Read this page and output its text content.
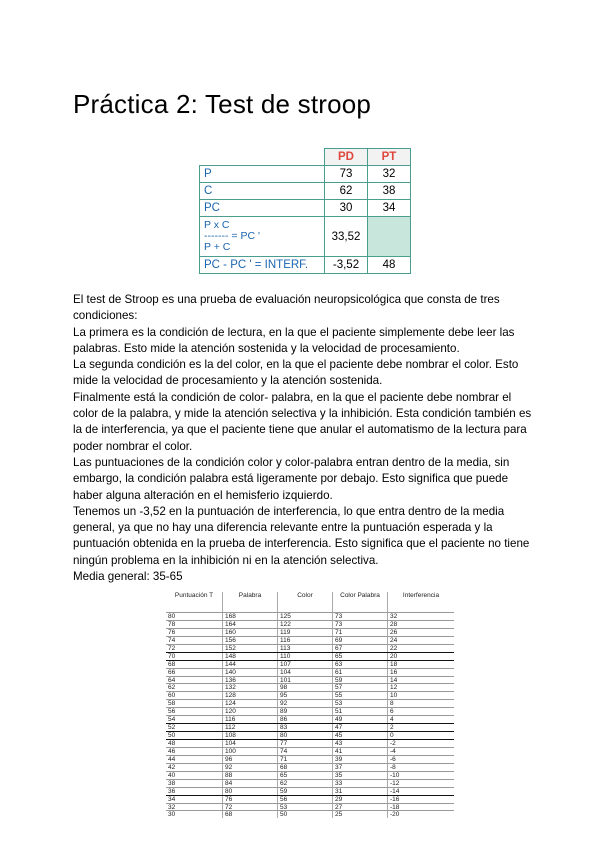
Práctica 2: Test de stroop
	PD	PT
P	73	32
C	62	38
PC	30	34

P x C
------- = PC '
P + C	33,52	
PC - PC ' = INTERF.	-3,52	48

El test de Stroop es una prueba de evaluación neuropsicológica que consta de tres condiciones:

La primera es la condición de lectura, en la que el paciente simplemente debe leer las palabras. Esto mide la atención sostenida y la velocidad de procesamiento.

La segunda condición es la del color, en la que el paciente debe nombrar el color. Esto mide la velocidad de procesamiento y la atención sostenida.

Finalmente está la condición de color- palabra, en la que el paciente debe nombrar el color de la palabra, y mide la atención selectiva y la inhibición. Esta condición también es la de interferencia, ya que el paciente tiene que anular el automatismo de la lectura para poder nombrar el color.

Las puntuaciones de la condición color y color-palabra entran dentro de la media, sin embargo, la condición palabra está ligeramente por debajo. Esto significa que puede haber alguna alteración en el hemisferio izquierdo.

Tenemos un -3,52 en la puntuación de interferencia, lo que entra dentro de la media general, ya que no hay una diferencia relevante entre la puntuación esperada y la puntuación obtenida en la prueba de interferencia. Esto significa que el paciente no tiene ningún problema en la inhibición ni en la atención selectiva.

Media general: 35-65

Puntuación T	Palabra	Color	Color Palabra	Interferencia
80	168	125	73	32
78	164	122	73	28
76	160	119	71	26
74	156	116	69	24
72	152	113	67	22
70	148	110	65	20
68	144	107	63	18
66	140	104	61	16
64	136	101	59	14
62	132	98	57	12
60	128	95	55	10
58	124	92	53	8
56	120	89	51	6
54	116	86	49	4
52	112	83	47	2
50	108	80	45	0
48	104	77	43	-2
46	100	74	41	-4
44	96	71	39	-6
42	92	68	37	-8
40	88	65	35	-10
38	84	62	33	-12
36	80	59	31	-14
34	76	56	29	-16
32	72	53	27	-18
30	68	50	25	-20
